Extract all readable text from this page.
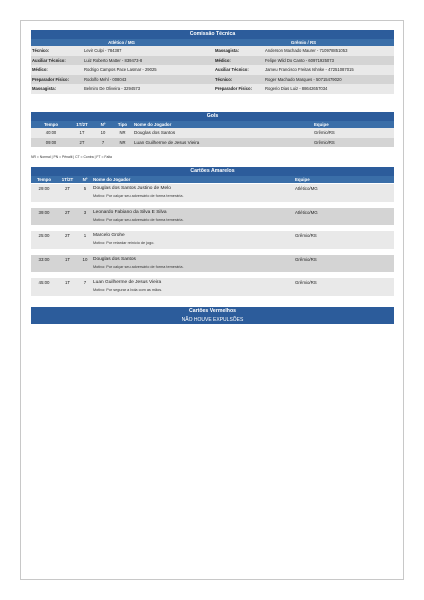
Comissão Técnica
Atlético / MG	Grêmio / RS
Técnico:	Levir Culpi - 784387	Massagista:	Anderson Machado Maurer - 710978851053
Auxiliar Técnico:	Luiz Roberto Matter - 839473-8	Médico:	Felipe Wild Do Canto - 60971925073
Médico:	Rodrigo Campos Pace Lasmar - 29025	Auxiliar Técnico:	Jameu Francisco Freitas Ishnke - 47251087015
Preparador Físico:	Rodolfo Mehl - 008043	Técnico:	Roger Machado Marques - 50715479020
Massagista:	Belmiro De Oliveira - 3294573	Preparador Físico:	Rogerio Dias Luiz - 88642657034
Gols
Tempo	1T/2T	Nº	Tipo	Nome do Jogador	Equipe
40:00	1T	10	NR	Douglas dos Santos	Grêmio/RS
09:00	2T	7	NR	Luan Guilherme de Jesus Vieira	Grêmio/RS
NR = Normal | PN = Pênalti | CT = Contra | FT = Falta
Cartões Amarelos
Tempo	1T/2T	Nº	Nome do Jogador	Equipe
29:00	2T	5	Douglas dos Santos Justino de Melo	Atlético/MG
Motivo: Por calçar seu adversário de forma temerária.
39:00	2T	3	Leonardo Fabiano da Silva E Silva	Atlético/MG
Motivo: Por calçar seu adversário de forma temerária.
25:00	2T	1	Marcelo Grohe	Grêmio/RS
Motivo: Por retardar reinício de jogo.
33:00	1T	10	Douglas dos Santos	Grêmio/RS
Motivo: Por calçar seu adversário de forma temerária.
45:00	1T	7	Luan Guilherme de Jesus Vieira	Grêmio/RS
Motivo: Por segurar a bola com as mãos.
Cartões Vermelhos
NÃO HOUVE EXPULSÕES
